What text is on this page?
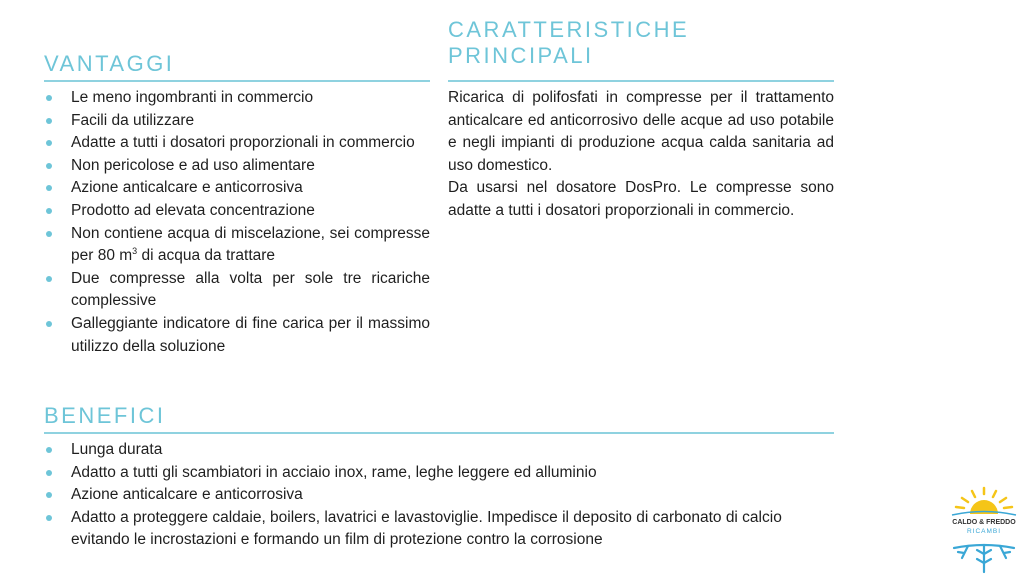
VANTAGGI
Le meno ingombranti in commercio
Facili da utilizzare
Adatte a tutti i dosatori proporzionali in commercio
Non pericolose e ad uso alimentare
Azione anticalcare e anticorrosiva
Prodotto ad elevata concentrazione
Non contiene acqua di miscelazione, sei compresse per 80 $m^3$ di acqua da trattare
Due compresse alla volta per sole tre ricariche complessive
Galleggiante indicatore di fine carica per il massimo utilizzo della soluzione
CARATTERISTICHE
PRINCIPALI

Ricarica di polifosfati in compresse per il trattamento anticalcare ed anticorrosivo delle acque ad uso potabile e negli impianti di produzione acqua calda sanitaria ad uso domestico.

Da usarsi nel dosatore DosPro. Le compresse sono adatte a tutti i dosatori proporzionali in commercio.

BENEFICI
Lunga durata
Adatto a tutti gli scambiatori in acciaio inox, rame, leghe leggere ed alluminio
Azione anticalcare e anticorrosiva
Adatto a proteggere caldaie, boilers, lavatrici e lavastoviglie. Impedisce il deposito di carbonato di calcio evitando le incrostazioni e formando un film di protezione contro la corrosione
CALDO & FREDDO
RICAMBI
